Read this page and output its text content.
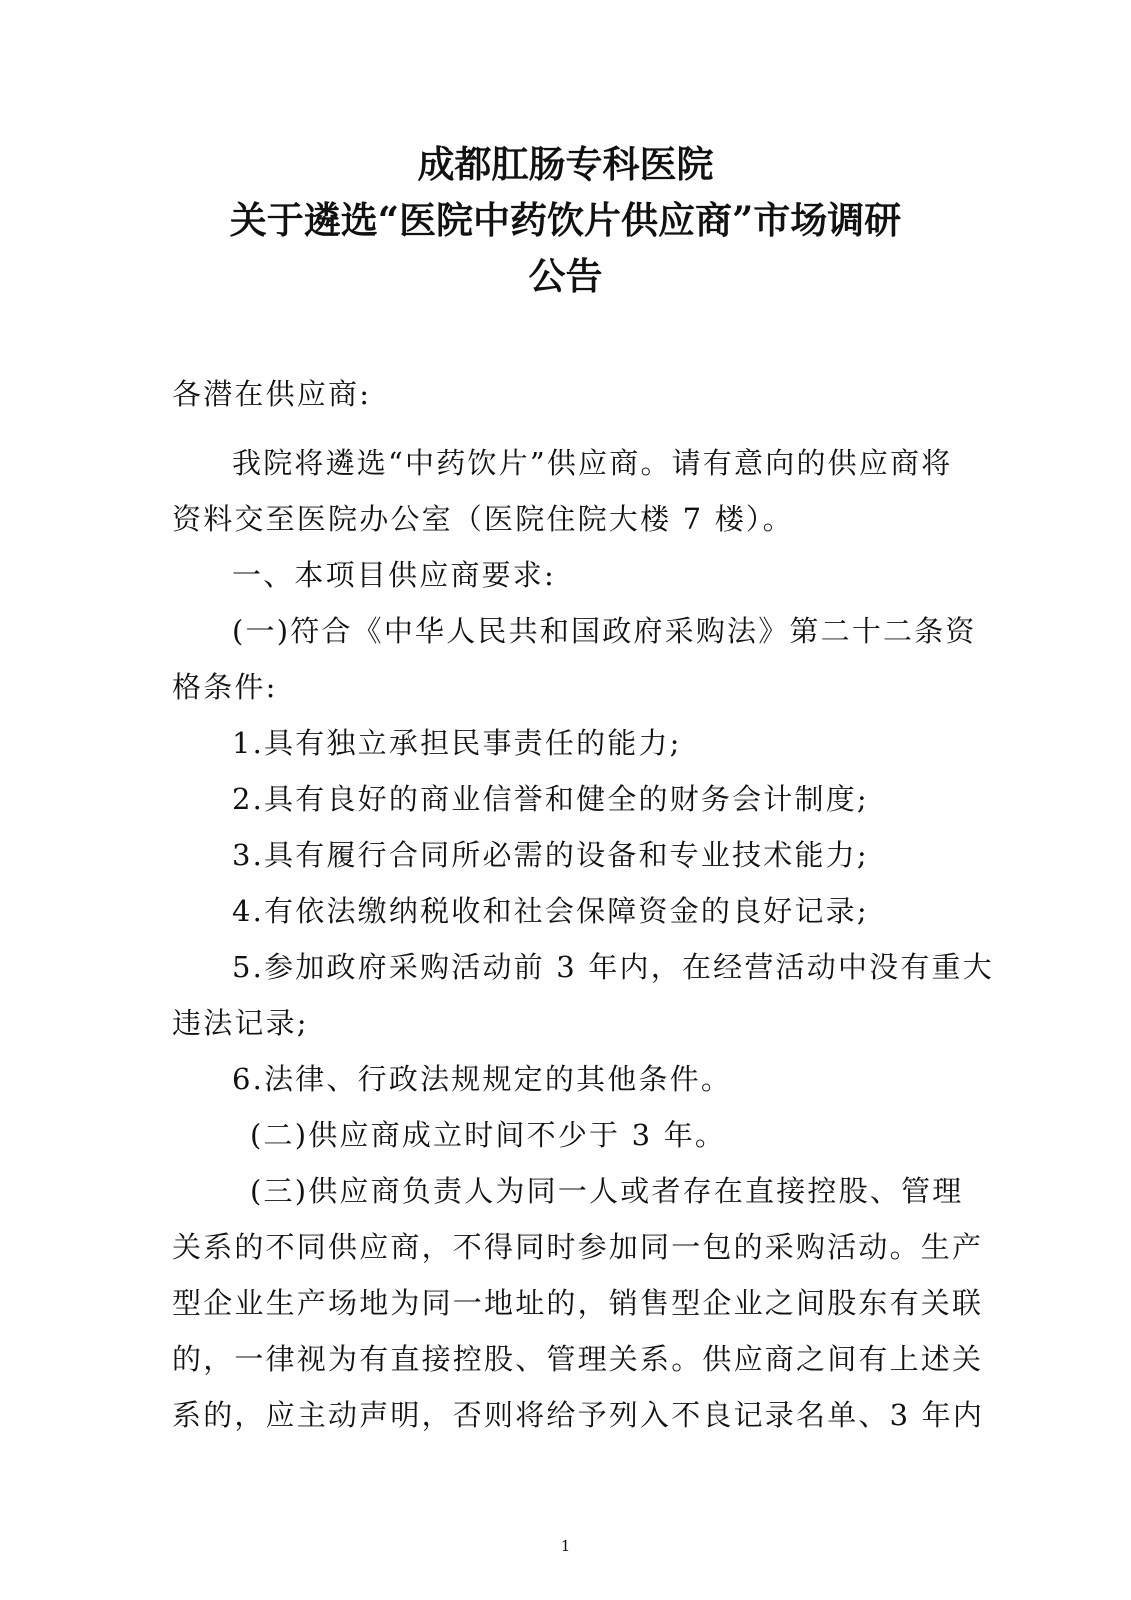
成都肛肠专科医院
关于遴选“医院中药饮片供应商”市场调研
公告
各潜在供应商:
我院将遴选“中药饮片”供应商。请有意向的供应商将
资料交至医院办公室（医院住院大楼 7 楼）。
一、本项目供应商要求:
(一)符合《中华人民共和国政府采购法》第二十二条资
格条件:
1.具有独立承担民事责任的能力;
2.具有良好的商业信誉和健全的财务会计制度;
3.具有履行合同所必需的设备和专业技术能力;
4.有依法缴纳税收和社会保障资金的良好记录;
5.参加政府采购活动前 3 年内，在经营活动中没有重大
违法记录;
6.法律、行政法规规定的其他条件。
(二)供应商成立时间不少于 3 年。
(三)供应商负责人为同一人或者存在直接控股、管理
关系的不同供应商，不得同时参加同一包的采购活动。生产
型企业生产场地为同一地址的，销售型企业之间股东有关联
的，一律视为有直接控股、管理关系。供应商之间有上述关
系的，应主动声明，否则将给予列入不良记录名单、3 年内
1
